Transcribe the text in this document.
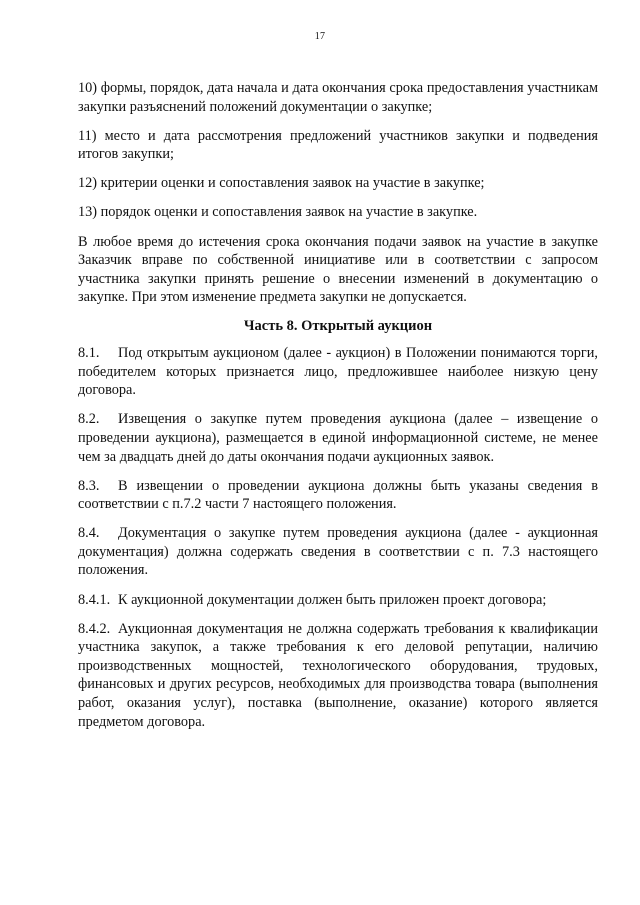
17

10) формы, порядок, дата начала и дата окончания срока предоставления участникам закупки разъяснений положений документации о закупке;

11) место и дата рассмотрения предложений участников закупки и подведения итогов закупки;

12) критерии оценки и сопоставления заявок на участие в закупке;

13) порядок оценки и сопоставления заявок на участие в закупке.

В любое время до истечения срока окончания подачи заявок на участие в закупке Заказчик вправе по собственной инициативе или в соответствии с запросом участника закупки принять решение о внесении изменений в документацию о закупке. При этом изменение предмета закупки не допускается.

Часть 8. Открытый аукцион

8.1. Под открытым аукционом (далее - аукцион) в Положении понимаются торги, победителем которых признается лицо, предложившее наиболее низкую цену договора.

8.2. Извещения о закупке путем проведения аукциона (далее – извещение о проведении аукциона), размещается в единой информационной системе, не менее чем за двадцать дней до даты окончания подачи аукционных заявок.

8.3. В извещении о проведении аукциона должны быть указаны сведения в соответствии с п.7.2 части 7 настоящего положения.

8.4. Документация о закупке путем проведения аукциона (далее - аукционная документация) должна содержать сведения в соответствии с п. 7.3 настоящего положения.

8.4.1. К аукционной документации должен быть приложен проект договора;

8.4.2. Аукционная документация не должна содержать требования к квалификации участника закупок, а также требования к его деловой репутации, наличию производственных мощностей, технологического оборудования, трудовых, финансовых и других ресурсов, необходимых для производства товара (выполнения работ, оказания услуг), поставка (выполнение, оказание) которого является предметом договора.
